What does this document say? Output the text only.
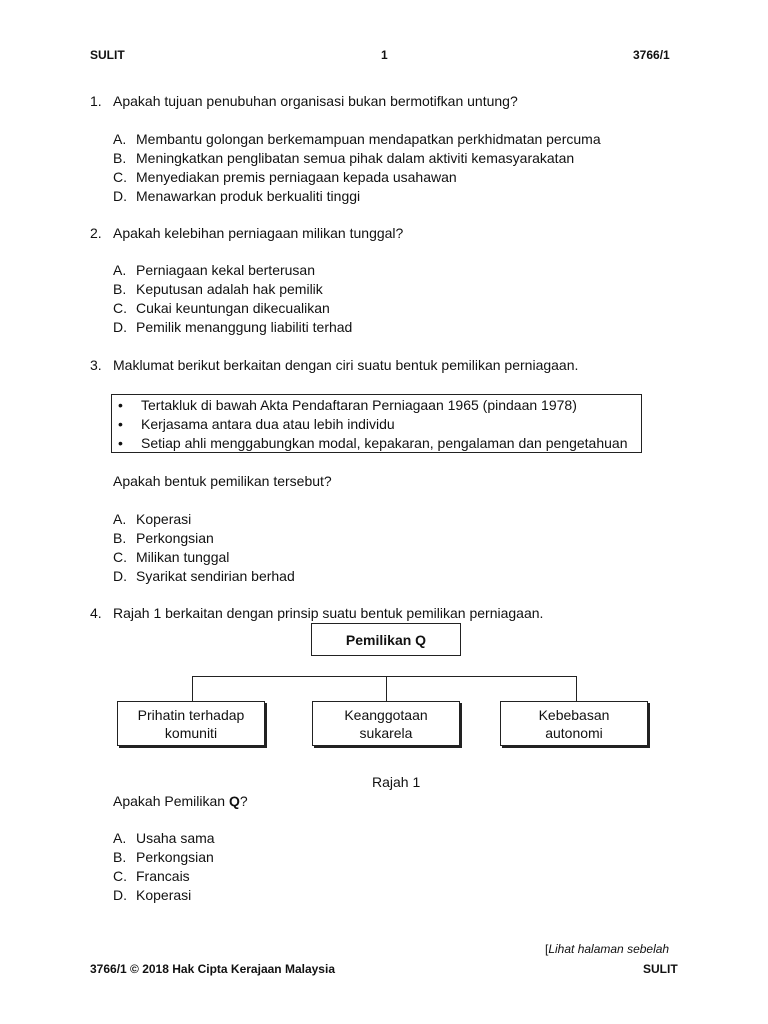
SULIT	1	3766/1
1. Apakah tujuan penubuhan organisasi bukan bermotifkan untung?
A. Membantu golongan berkemampuan mendapatkan perkhidmatan percuma
B. Meningkatkan penglibatan semua pihak dalam aktiviti kemasyarakatan
C. Menyediakan premis perniagaan kepada usahawan
D. Menawarkan produk berkualiti tinggi
2. Apakah kelebihan perniagaan milikan tunggal?
A. Perniagaan kekal berterusan
B. Keputusan adalah hak pemilik
C. Cukai keuntungan dikecualikan
D. Pemilik menanggung liabiliti terhad
3. Maklumat berikut berkaitan dengan ciri suatu bentuk pemilikan perniagaan.
• Tertakluk di bawah Akta Pendaftaran Perniagaan 1965 (pindaan 1978)
• Kerjasama antara dua atau lebih individu
• Setiap ahli menggabungkan modal, kepakaran, pengalaman dan pengetahuan
Apakah bentuk pemilikan tersebut?
A. Koperasi
B. Perkongsian
C. Milikan tunggal
D. Syarikat sendirian berhad
4. Rajah 1 berkaitan dengan prinsip suatu bentuk pemilikan perniagaan.
Pemilikan Q
Prihatin terhadap
komuniti
Keanggotaan
sukarela
Kebebasan
autonomi
Rajah 1
Apakah Pemilikan Q?
A. Usaha sama
B. Perkongsian
C. Francais
D. Koperasi
[Lihat halaman sebelah
3766/1 © 2018 Hak Cipta Kerajaan Malaysia	SULIT
